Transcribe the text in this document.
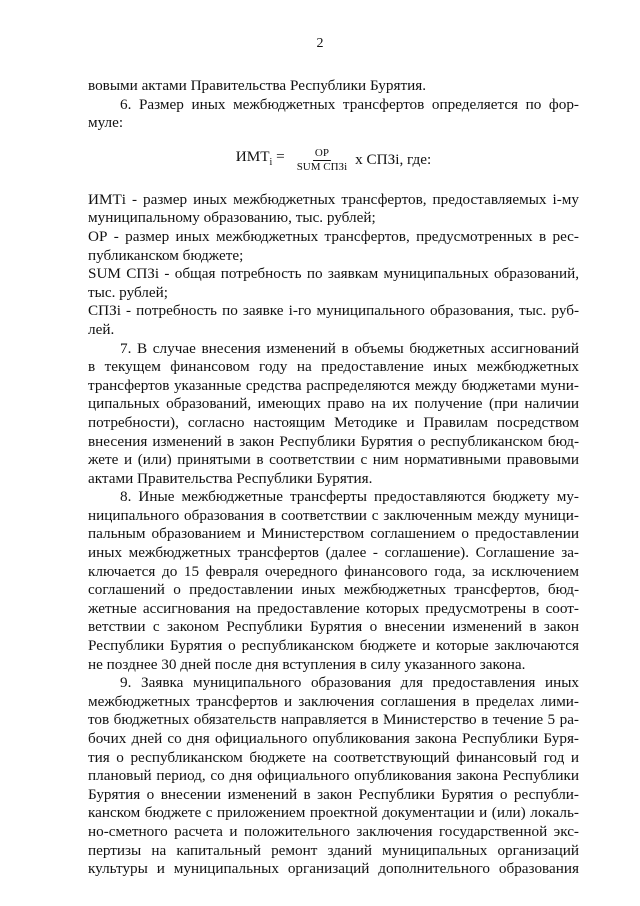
2
вовыми актами Правительства Республики Бурятия.
6. Размер иных межбюджетных трансфертов определяется по фор-
муле:
$ИМТ_i = \frac{ОР}{\text{SUM СПЗi}}$ x СПЗi, где:
ИМТi - размер иных межбюджетных трансфертов, предоставляемых i-му
муниципальному образованию, тыс. рублей;
ОР - размер иных межбюджетных трансфертов, предусмотренных в рес-
публиканском бюджете;
SUM СПЗi - общая потребность по заявкам муниципальных образований,
тыс. рублей;
СПЗi - потребность по заявке i-го муниципального образования, тыс. руб-
лей.
7. В случае внесения изменений в объемы бюджетных ассигнований
в текущем финансовом году на предоставление иных межбюджетных
трансфертов указанные средства распределяются между бюджетами муни-
ципальных образований, имеющих право на их получение (при наличии
потребности), согласно настоящим Методике и Правилам посредством
внесения изменений в закон Республики Бурятия о республиканском бюд-
жете и (или) принятыми в соответствии с ним нормативными правовыми
актами Правительства Республики Бурятия.
8. Иные межбюджетные трансферты предоставляются бюджету му-
ниципального образования в соответствии с заключенным между муници-
пальным образованием и Министерством соглашением о предоставлении
иных межбюджетных трансфертов (далее - соглашение). Соглашение за-
ключается до 15 февраля очередного финансового года, за исключением
соглашений о предоставлении иных межбюджетных трансфертов, бюд-
жетные ассигнования на предоставление которых предусмотрены в соот-
ветствии с законом Республики Бурятия о внесении изменений в закон
Республики Бурятия о республиканском бюджете и которые заключаются
не позднее 30 дней после дня вступления в силу указанного закона.
9. Заявка муниципального образования для предоставления иных
межбюджетных трансфертов и заключения соглашения в пределах лими-
тов бюджетных обязательств направляется в Министерство в течение 5 ра-
бочих дней со дня официального опубликования закона Республики Буря-
тия о республиканском бюджете на соответствующий финансовый год и
плановый период, со дня официального опубликования закона Республики
Бурятия о внесении изменений в закон Республики Бурятия о республи-
канском бюджете с приложением проектной документации и (или) локаль-
но-сметного расчета и положительного заключения государственной экс-
пертизы на капитальный ремонт зданий муниципальных организаций
культуры и муниципальных организаций дополнительного образования
